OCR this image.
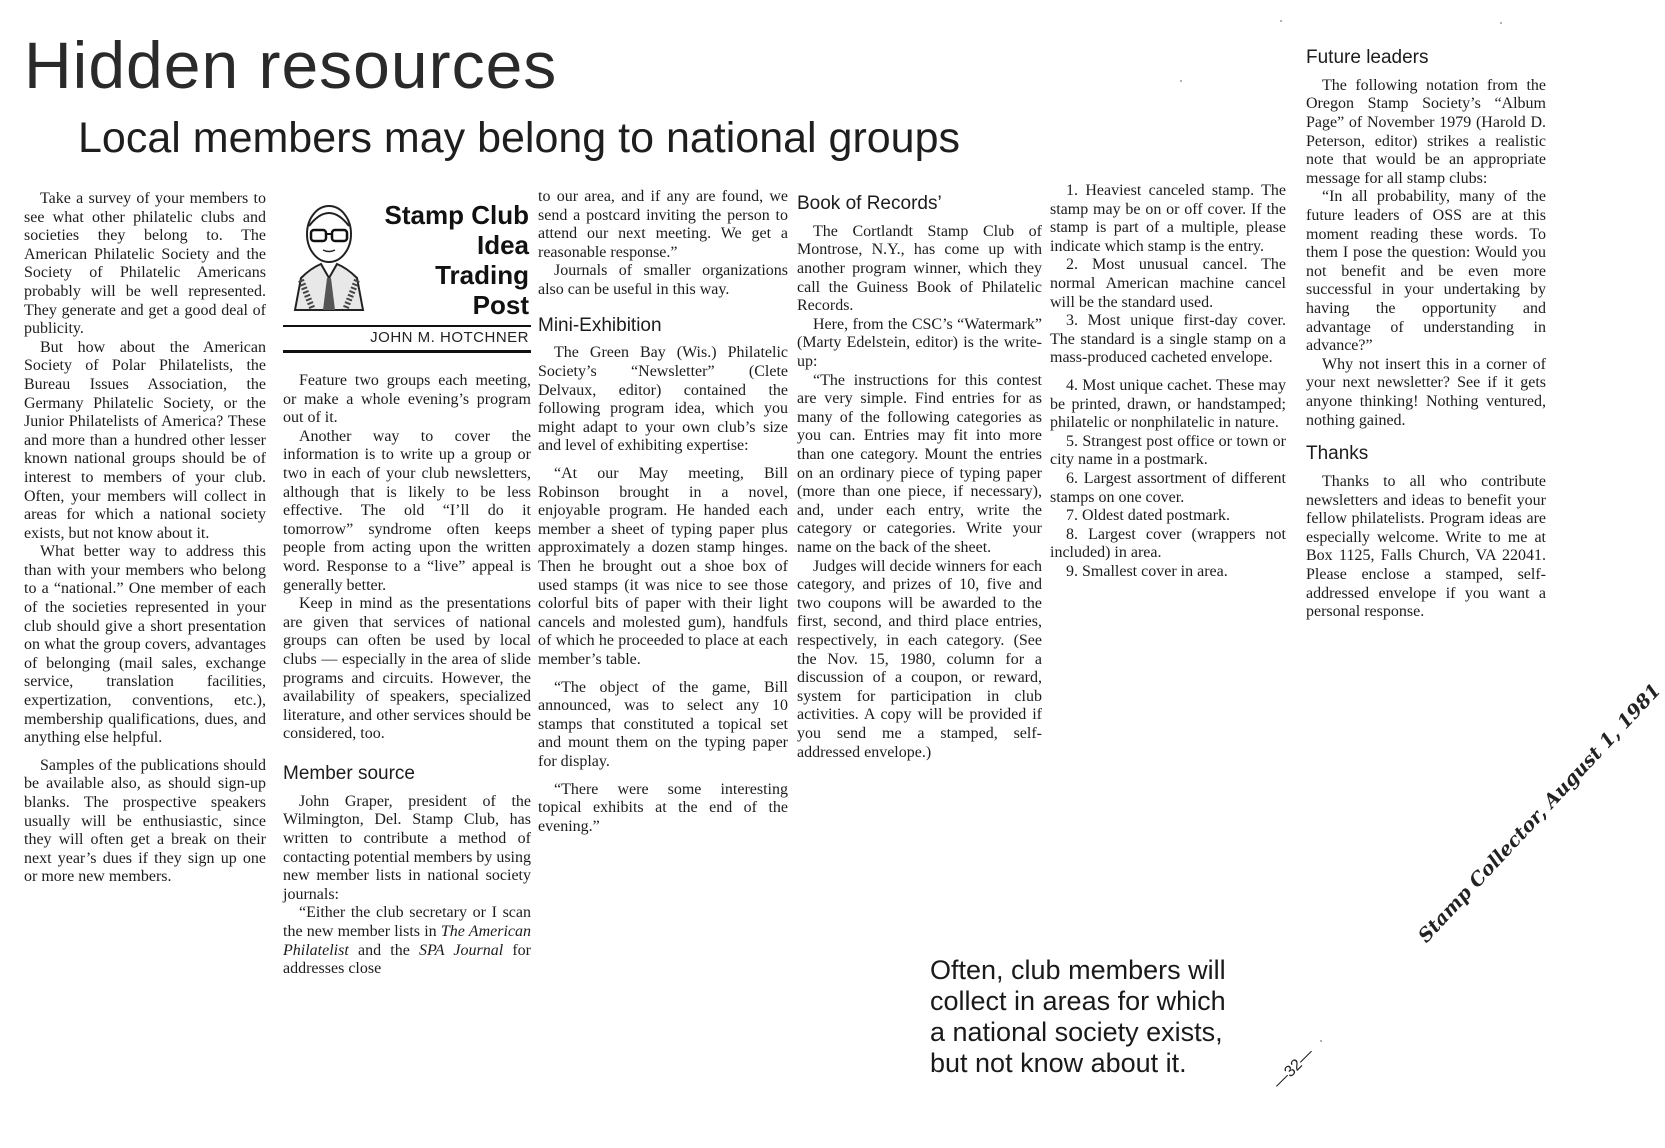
Hidden resources
Local members may belong to national groups

Take a survey of your members to see what other philatelic clubs and societies they belong to. The American Philatelic Society and the Society of Philatelic Americans probably will be well represented. They generate and get a good deal of publicity.

But how about the American Society of Polar Philatelists, the Bureau Issues Association, the Germany Philatelic Society, or the Junior Philatelists of America? These and more than a hundred other lesser known national groups should be of interest to members of your club. Often, your members will collect in areas for which a national society exists, but not know about it.

What better way to address this than with your members who belong to a “national.” One member of each of the societies represented in your club should give a short presentation on what the group covers, advantages of belonging (mail sales, exchange service, translation facilities, expertization, conventions, etc.), membership qualifications, dues, and anything else helpful.

Samples of the publications should be available also, as should sign-up blanks. The prospective speakers usually will be enthusiastic, since they will often get a break on their next year’s dues if they sign up one or more new members.

Stamp Club
Idea
Trading
Post
JOHN M. HOTCHNER

Feature two groups each meeting, or make a whole evening’s program out of it.

Another way to cover the information is to write up a group or two in each of your club newsletters, although that is likely to be less effective. The old “I’ll do it tomorrow” syndrome often keeps people from acting upon the written word. Response to a “live” appeal is generally better.

Keep in mind as the presentations are given that services of national groups can often be used by local clubs — especially in the area of slide programs and circuits. However, the availability of speakers, specialized literature, and other services should be considered, too.

Member source

John Graper, president of the Wilmington, Del. Stamp Club, has written to contribute a method of contacting potential members by using new member lists in national society journals:

“Either the club secretary or I scan the new member lists in The American Philatelist and the SPA Journal for addresses close

to our area, and if any are found, we send a postcard inviting the person to attend our next meeting. We get a reasonable response.”

Journals of smaller organizations also can be useful in this way.

Mini-Exhibition

The Green Bay (Wis.) Philatelic Society’s “Newsletter” (Clete Delvaux, editor) contained the following program idea, which you might adapt to your own club’s size and level of exhibiting expertise:

“At our May meeting, Bill Robinson brought in a novel, enjoyable program. He handed each member a sheet of typing paper plus approximately a dozen stamp hinges. Then he brought out a shoe box of used stamps (it was nice to see those colorful bits of paper with their light cancels and molested gum), handfuls of which he proceeded to place at each member’s table.

“The object of the game, Bill announced, was to select any 10 stamps that constituted a topical set and mount them on the typing paper for display.

“There were some interesting topical exhibits at the end of the evening.”

Book of Records’

The Cortlandt Stamp Club of Montrose, N.Y., has come up with another program winner, which they call the Guiness Book of Philatelic Records.

Here, from the CSC’s “Watermark” (Marty Edelstein, editor) is the write-up:

“The instructions for this contest are very simple. Find entries for as many of the following categories as you can. Entries may fit into more than one category. Mount the entries on an ordinary piece of typing paper (more than one piece, if necessary), and, under each entry, write the category or categories. Write your name on the back of the sheet.

Judges will decide winners for each category, and prizes of 10, five and two coupons will be awarded to the first, second, and third place entries, respectively, in each category. (See the Nov. 15, 1980, column for a discussion of a coupon, or reward, system for participation in club activities. A copy will be provided if you send me a stamped, self-addressed envelope.)

1. Heaviest canceled stamp. The stamp may be on or off cover. If the stamp is part of a multiple, please indicate which stamp is the entry.

2. Most unusual cancel. The normal American machine cancel will be the standard used.

3. Most unique first-day cover. The standard is a single stamp on a mass-produced cacheted envelope.

4. Most unique cachet. These may be printed, drawn, or handstamped; philatelic or nonphilatelic in nature.

5. Strangest post office or town or city name in a postmark.

6. Largest assortment of different stamps on one cover.

7. Oldest dated postmark.

8. Largest cover (wrappers not included) in area.

9. Smallest cover in area.

Future leaders

The following notation from the Oregon Stamp Society’s “Album Page” of November 1979 (Harold D. Peterson, editor) strikes a realistic note that would be an appropriate message for all stamp clubs:

“In all probability, many of the future leaders of OSS are at this moment reading these words. To them I pose the question: Would you not benefit and be even more successful in your undertaking by having the opportunity and advantage of understanding in advance?”

Why not insert this in a corner of your next newsletter? See if it gets anyone thinking! Nothing ventured, nothing gained.

Thanks

Thanks to all who contribute newsletters and ideas to benefit your fellow philatelists. Program ideas are especially welcome. Write to me at Box 1125, Falls Church, VA 22041. Please enclose a stamped, self-addressed envelope if you want a personal response.

Often, club members will
collect in areas for which
a national society exists,
but not know about it.	—32—
Stamp Collector, August 1, 1981
